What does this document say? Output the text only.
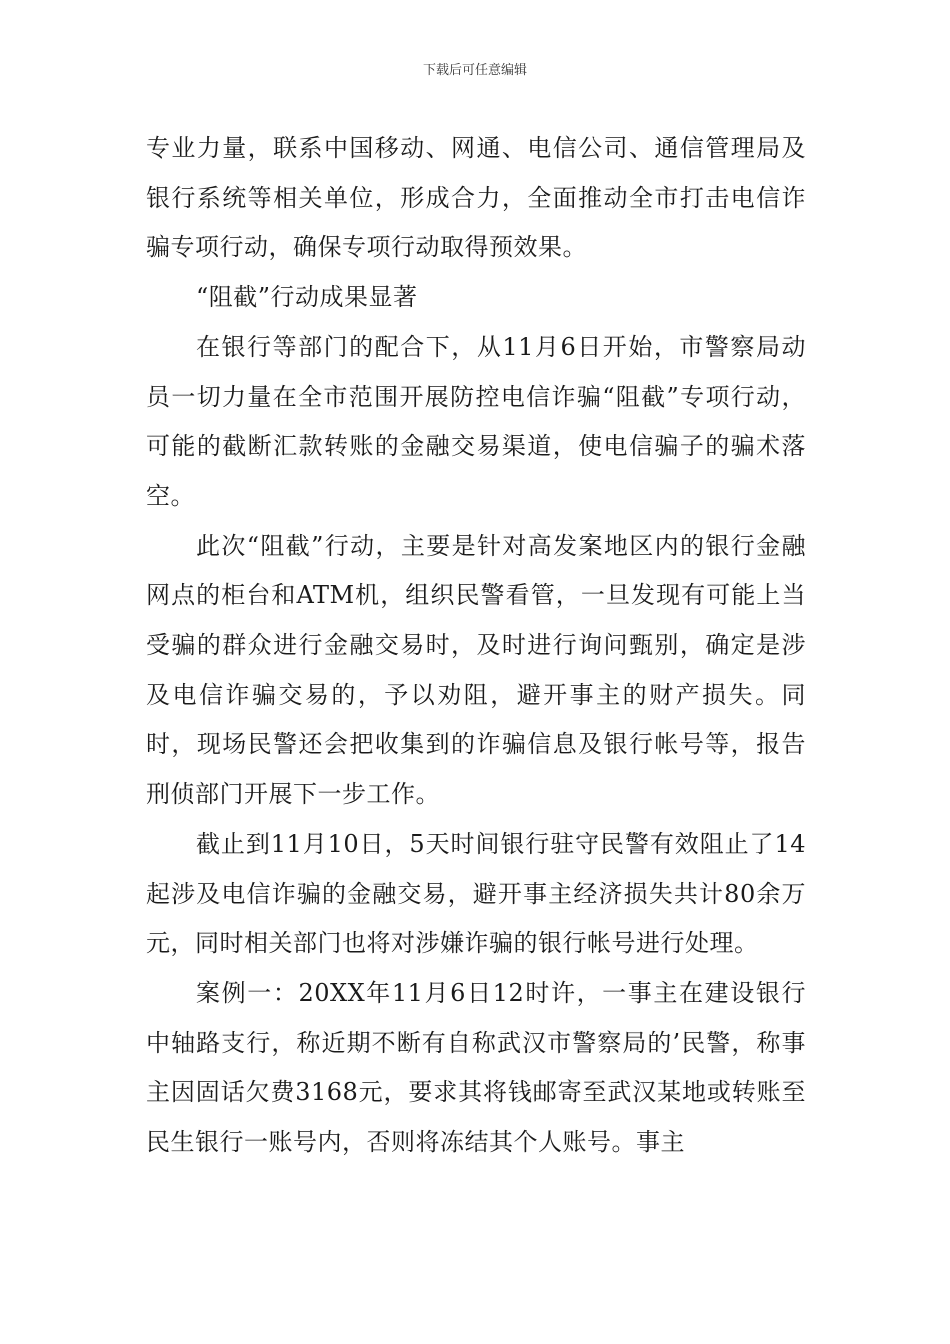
下载后可任意编辑

专业力量，联系中国移动、网通、电信公司、通信管理局及银行系统等相关单位，形成合力，全面推动全市打击电信诈骗专项行动，确保专项行动取得预效果。

“阻截”行动成果显著

在银行等部门的配合下，从11月6日开始，市警察局动员一切力量在全市范围开展防控电信诈骗“阻截”专项行动，可能的截断汇款转账的金融交易渠道，使电信骗子的骗术落空。

此次“阻截”行动，主要是针对高发案地区内的银行金融网点的柜台和ATM机，组织民警看管，一旦发现有可能上当受骗的群众进行金融交易时，及时进行询问甄别，确定是涉及电信诈骗交易的，予以劝阻，避开事主的财产损失。同时，现场民警还会把收集到的诈骗信息及银行帐号等，报告刑侦部门开展下一步工作。

截止到11月10日，5天时间银行驻守民警有效阻止了14起涉及电信诈骗的金融交易，避开事主经济损失共计80余万元，同时相关部门也将对涉嫌诈骗的银行帐号进行处理。

案例一：20XX年11月6日12时许，一事主在建设银行中轴路支行，称近期不断有自称武汉市警察局的’民警，称事主因固话欠费3168元，要求其将钱邮寄至武汉某地或转账至民生银行一账号内，否则将冻结其个人账号。事主
